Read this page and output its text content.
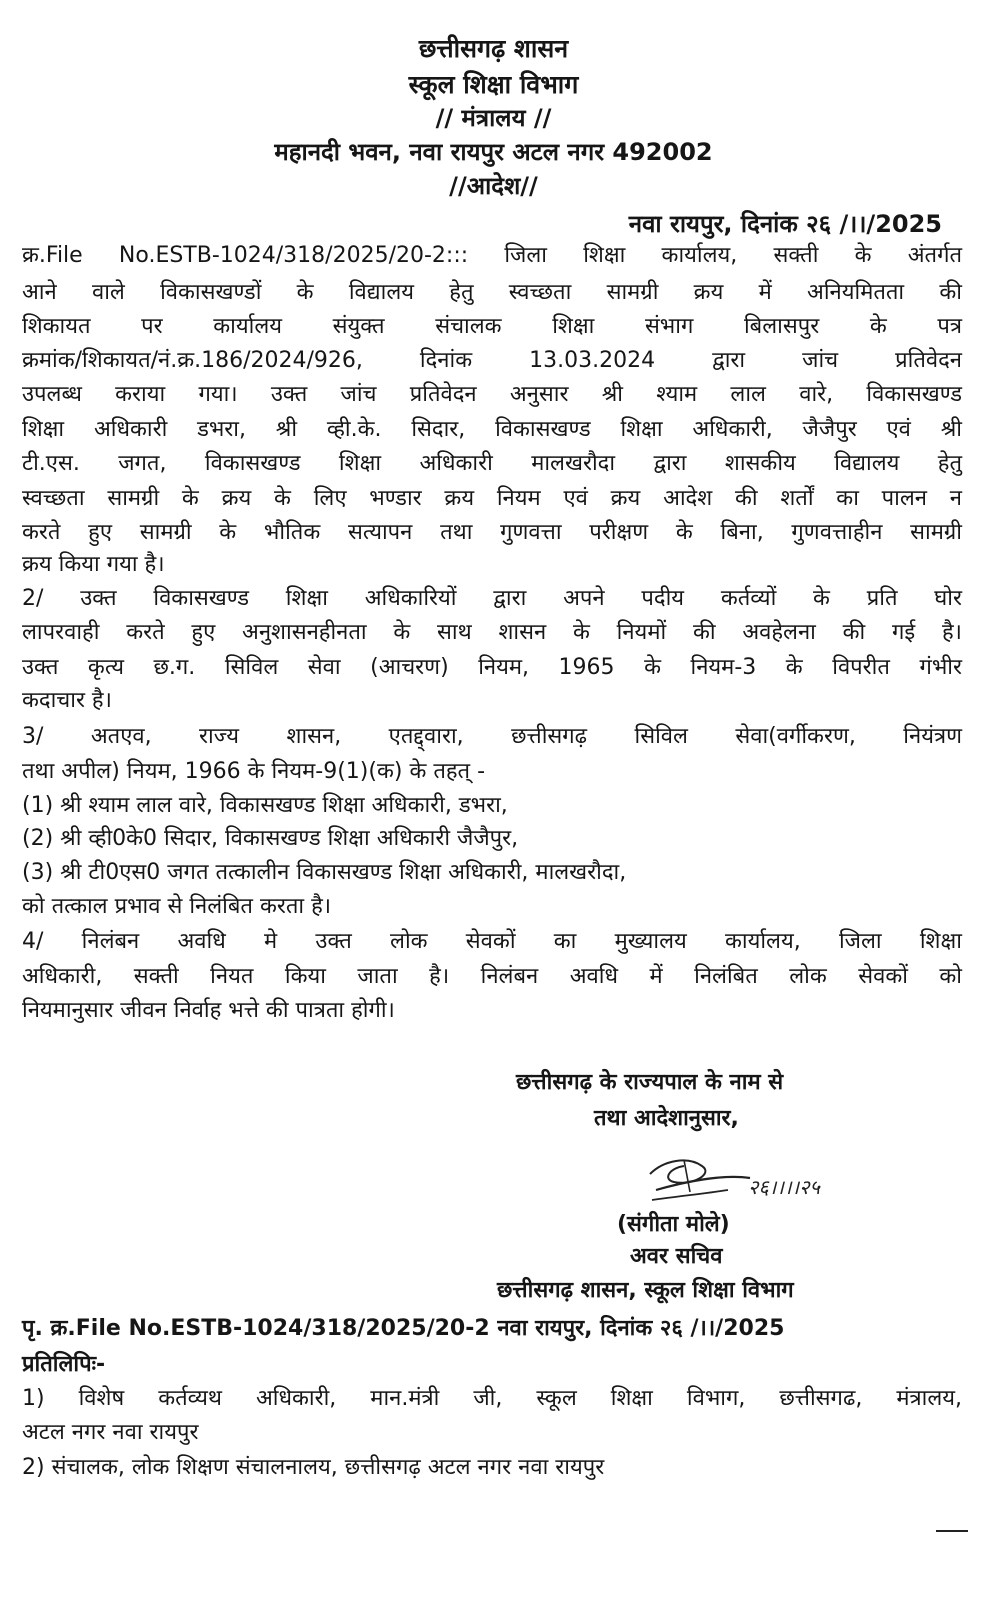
छत्तीसगढ़ शासन
स्कूल शिक्षा विभाग
// मंत्रालय //
महानदी भवन, नवा रायपुर अटल नगर 492002
//आदेश//
नवा रायपुर, दिनांक २६ /।।/2025
क्र.File No.ESTB-1024/318/2025/20-2::: जिला शिक्षा कार्यालय, सक्ती के अंतर्गत
आने वाले विकासखण्डों के विद्यालय हेतु स्वच्छता सामग्री क्रय में अनियमितता की
शिकायत पर कार्यालय संयुक्त संचालक शिक्षा संभाग बिलासपुर के पत्र
क्रमांक/शिकायत/नं.क्र.186/2024/926, दिनांक 13.03.2024 द्वारा जांच प्रतिवेदन
उपलब्ध कराया गया। उक्त जांच प्रतिवेदन अनुसार श्री श्याम लाल वारे, विकासखण्ड
शिक्षा अधिकारी डभरा, श्री व्ही.के. सिदार, विकासखण्ड शिक्षा अधिकारी, जैजैपुर एवं श्री
टी.एस. जगत, विकासखण्ड शिक्षा अधिकारी मालखरौदा द्वारा शासकीय विद्यालय हेतु
स्वच्छता सामग्री के क्रय के लिए भण्डार क्रय नियम एवं क्रय आदेश की शर्तों का पालन न
करते हुए सामग्री के भौतिक सत्यापन तथा गुणवत्ता परीक्षण के बिना, गुणवत्ताहीन सामग्री
क्रय किया गया है।
2/ उक्त विकासखण्ड शिक्षा अधिकारियों द्वारा अपने पदीय कर्तव्यों के प्रति घोर
लापरवाही करते हुए अनुशासनहीनता के साथ शासन के नियमों की अवहेलना की गई है।
उक्त कृत्य छ.ग. सिविल सेवा (आचरण) नियम, 1965 के नियम-3 के विपरीत गंभीर
कदाचार है।
3/ अतएव, राज्य शासन, एतद्द्वारा, छत्तीसगढ़ सिविल सेवा(वर्गीकरण, नियंत्रण
तथा अपील) नियम, 1966 के नियम-9(1)(क) के तहत् -
(1) श्री श्याम लाल वारे, विकासखण्ड शिक्षा अधिकारी, डभरा,
(2) श्री व्ही0के0 सिदार, विकासखण्ड शिक्षा अधिकारी जैजैपुर,
(3) श्री टी0एस0 जगत तत्कालीन विकासखण्ड शिक्षा अधिकारी, मालखरौदा,
को तत्काल प्रभाव से निलंबित करता है।
4/ निलंबन अवधि मे उक्त लोक सेवकों का मुख्यालय कार्यालय, जिला शिक्षा
अधिकारी, सक्ती नियत किया जाता है। निलंबन अवधि में निलंबित लोक सेवकों को
नियमानुसार जीवन निर्वाह भत्ते की पात्रता होगी।
छत्तीसगढ़ के राज्यपाल के नाम से
तथा आदेशानुसार,
२६।।।।२५
(संगीता मोले)
अवर सचिव
छत्तीसगढ़ शासन, स्कूल शिक्षा विभाग
पृ. क्र.File No.ESTB-1024/318/2025/20-2 नवा रायपुर, दिनांक २६ /।।/2025
प्रतिलिपिः-
1) विशेष कर्तव्यथ अधिकारी, मान.मंत्री जी, स्कूल शिक्षा विभाग, छत्तीसगढ, मंत्रालय,
अटल नगर नवा रायपुर
2) संचालक, लोक शिक्षण संचालनालय, छत्तीसगढ़ अटल नगर नवा रायपुर
